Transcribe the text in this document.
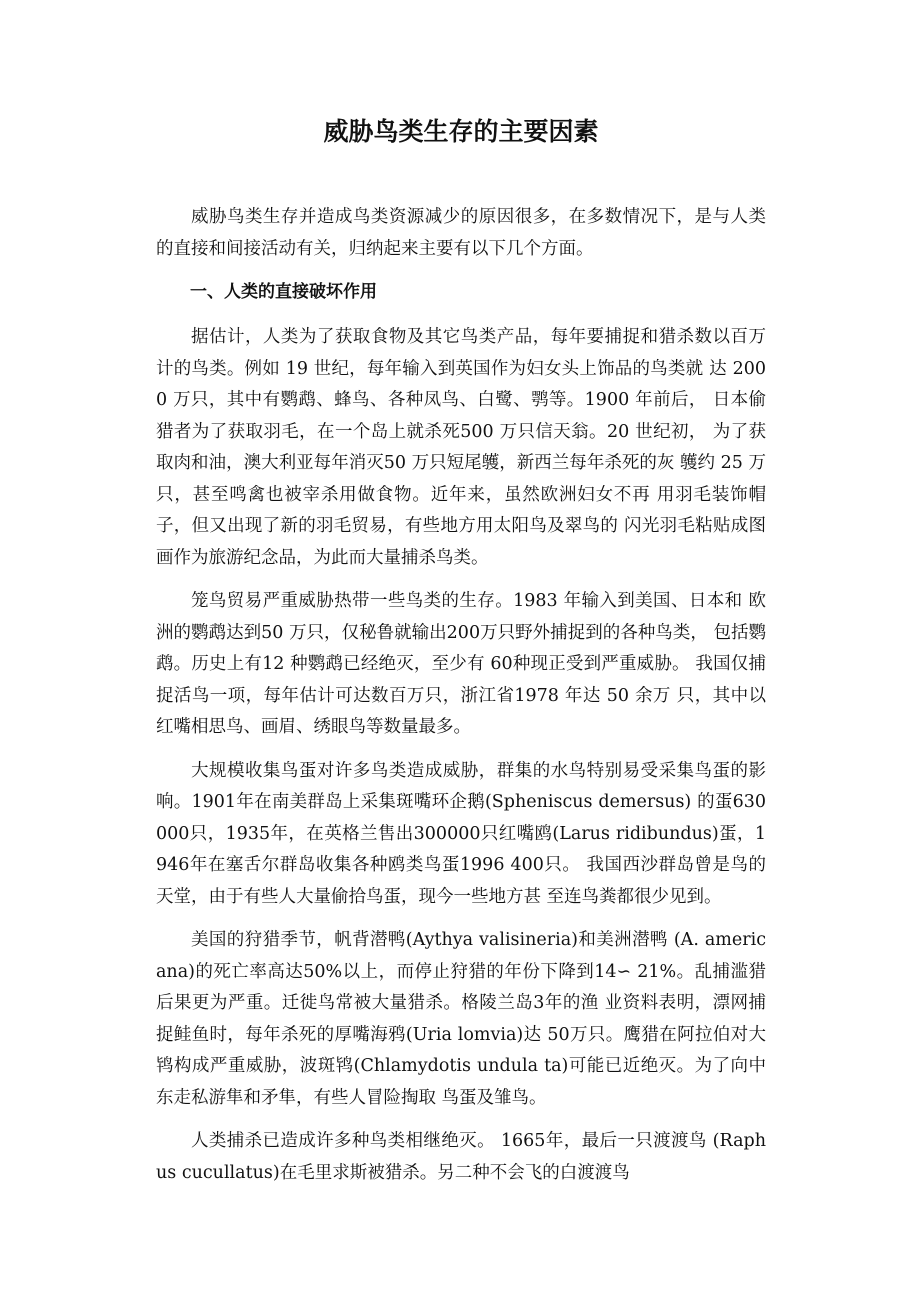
威胁鸟类生存的主要因素

威胁鸟类生存并造成鸟类资源减少的原因很多，在多数情况下，是与人类的直接和间接活动有关，归纳起来主要有以下几个方面。

一、人类的直接破坏作用

据估计，人类为了获取食物及其它鸟类产品，每年要捕捉和猎杀数以百万计的鸟类。例如 19 世纪，每年输入到英国作为妇女头上饰品的鸟类就 达 2000 万只，其中有鹦鹉、蜂鸟、各种凤鸟、白鹭、鹗等。1900 年前后， 日本偷猎者为了获取羽毛，在一个岛上就杀死500 万只信天翁。20 世纪初， 为了获取肉和油，澳大利亚每年消灭50 万只短尾鹱，新西兰每年杀死的灰 鹱约 25 万只，甚至鸣禽也被宰杀用做食物。近年来，虽然欧洲妇女不再 用羽毛装饰帽子，但又出现了新的羽毛贸易，有些地方用太阳鸟及翠鸟的 闪光羽毛粘贴成图画作为旅游纪念品，为此而大量捕杀鸟类。

笼鸟贸易严重威胁热带一些鸟类的生存。1983 年输入到美国、日本和 欧洲的鹦鹉达到50 万只，仅秘鲁就输出200万只野外捕捉到的各种鸟类， 包括鹦鹉。历史上有12 种鹦鹉已经绝灭，至少有 60种现正受到严重威胁。 我国仅捕捉活鸟一项，每年估计可达数百万只，浙江省1978 年达 50 余万 只，其中以红嘴相思鸟、画眉、绣眼鸟等数量最多。

大规模收集鸟蛋对许多鸟类造成威胁，群集的水鸟特别易受采集鸟蛋的影响。1901年在南美群岛上采集斑嘴环企鹅(Spheniscus demersus) 的蛋630000只，1935年，在英格兰售出300000只红嘴鸥(Larus ridibundus)蛋，1946年在塞舌尔群岛收集各种鸥类鸟蛋1996 400只。 我国西沙群岛曾是鸟的天堂，由于有些人大量偷拾鸟蛋，现今一些地方甚 至连鸟粪都很少见到。

美国的狩猎季节，帆背潜鸭(Aythya valisineria)和美洲潜鸭 (A. americana)的死亡率高达50%以上，而停止狩猎的年份下降到14∽ 21%。乱捕滥猎后果更为严重。迁徙鸟常被大量猎杀。格陵兰岛3年的渔 业资料表明，漂网捕捉鲑鱼时，每年杀死的厚嘴海鸦(Uria lomvia)达 50万只。鹰猎在阿拉伯对大鸨构成严重威胁，波斑鸨(Chlamydotis undula ta)可能已近绝灭。为了向中东走私游隼和矛隼，有些人冒险掏取 鸟蛋及雏鸟。

人类捕杀已造成许多种鸟类相继绝灭。 1665年，最后一只渡渡鸟 (Raphus cucullatus)在毛里求斯被猎杀。另二种不会飞的白渡渡鸟
